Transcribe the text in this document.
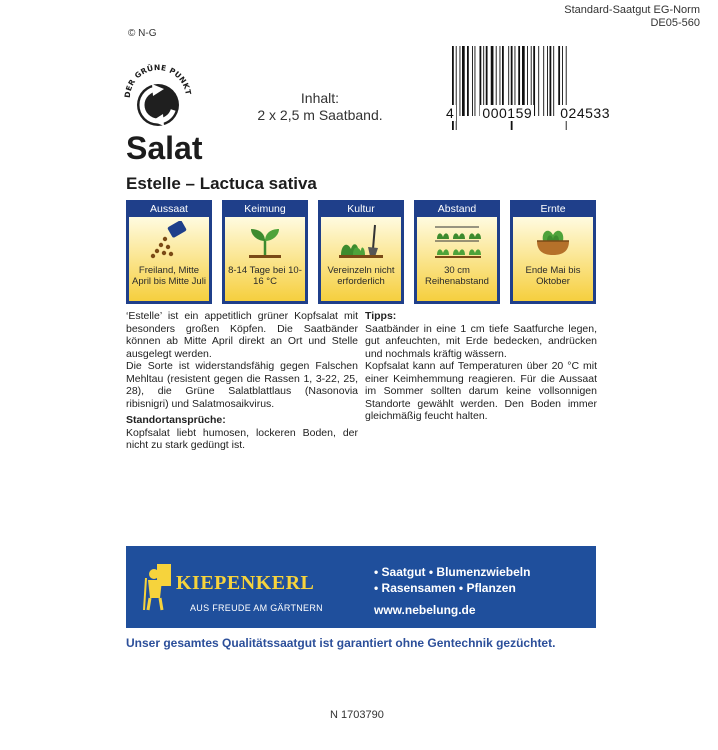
Standard-Saatgut EG-Norm
DE05-560
© N-G
DER GRÜNE PUNKT	Inhalt:
2 x 2,5 m Saatband.	4 000159 024533
Salat
Estelle – Lactuca sativa
Aussaat
Freiland, Mitte April bis Mitte Juli
Keimung
8-14 Tage bei 10-16 °C
Kultur
Vereinzeln nicht erforderlich
Abstand
30 cm Reihenabstand
Ernte
Ende Mai bis Oktober

‘Estelle’ ist ein appetitlich grüner Kopfsalat mit besonders großen Köpfen. Die Saatbänder können ab Mitte April direkt an Ort und Stelle ausgelegt werden.

Die Sorte ist widerstandsfähig gegen Falschen Mehltau (resistent gegen die Rassen 1, 3-22, 25, 28), die Grüne Salatblattlaus (Nasonovia ribisnigri) und Salatmosaikvirus.

Standortansprüche:

Kopfsalat liebt humosen, lockeren Boden, der nicht zu stark gedüngt ist.

Tipps:

Saatbänder in eine 1 cm tiefe Saatfurche legen, gut anfeuchten, mit Erde bedecken, andrücken und nochmals kräftig wässern.

Kopfsalat kann auf Temperaturen über 20 °C mit einer Keimhemmung reagieren. Für die Aussaat im Sommer sollten darum keine vollsonnigen Standorte gewählt werden. Den Boden immer gleichmäßig feucht halten.

KIEPENKERL
AUS FREUDE AM GÄRTNERN
• Saatgut • Blumenzwiebeln
• Rasensamen • Pflanzen
www.nebelung.de
Unser gesamtes Qualitätssaatgut ist garantiert ohne Gentechnik gezüchtet.
N 1703790
